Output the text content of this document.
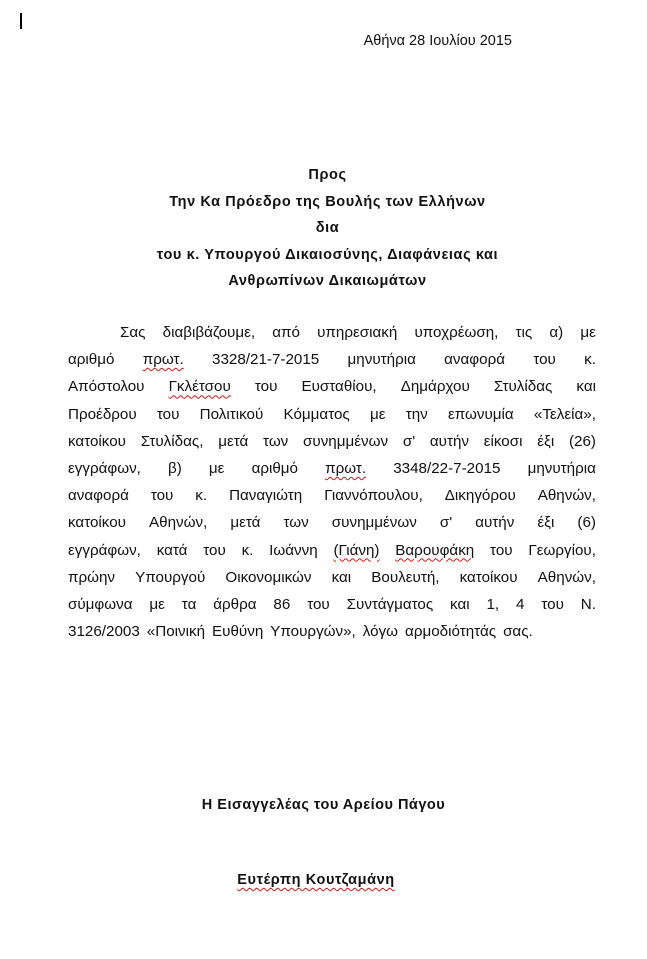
Αθήνα 28 Ιουλίου 2015
Προς
Την Κα Πρόεδρο της Βουλής των Ελλήνων
δια
του κ. Υπουργού Δικαιοσύνης, Διαφάνειας και
Ανθρωπίνων Δικαιωμάτων
Σας διαβιβάζουμε, από υπηρεσιακή υποχρέωση, τις α) με
αριθμό πρωτ. 3328/21-7-2015 μηνυτήρια αναφορά του κ.
Απόστολου Γκλέτσου του Ευσταθίου, Δημάρχου Στυλίδας και
Προέδρου του Πολιτικού Κόμματος με την επωνυμία «Τελεία»,
κατοίκου Στυλίδας, μετά των συνημμένων σ' αυτήν είκοσι έξι (26)
εγγράφων, β) με αριθμό πρωτ. 3348/22-7-2015 μηνυτήρια
αναφορά του κ. Παναγιώτη Γιαννόπουλου, Δικηγόρου Αθηνών,
κατοίκου Αθηνών, μετά των συνημμένων σ' αυτήν έξι (6)
εγγράφων, κατά του κ. Ιωάννη (Γιάνη) Βαρουφάκη του Γεωργίου,
πρώην Υπουργού Οικονομικών και Βουλευτή, κατοίκου Αθηνών,
σύμφωνα με τα άρθρα 86 του Συντάγματος και 1, 4 του Ν.
3126/2003 «Ποινική Ευθύνη Υπουργών», λόγω αρμοδιότητάς σας.
Η Εισαγγελέας του Αρείου Πάγου
Ευτέρπη Κουτζαμάνη
